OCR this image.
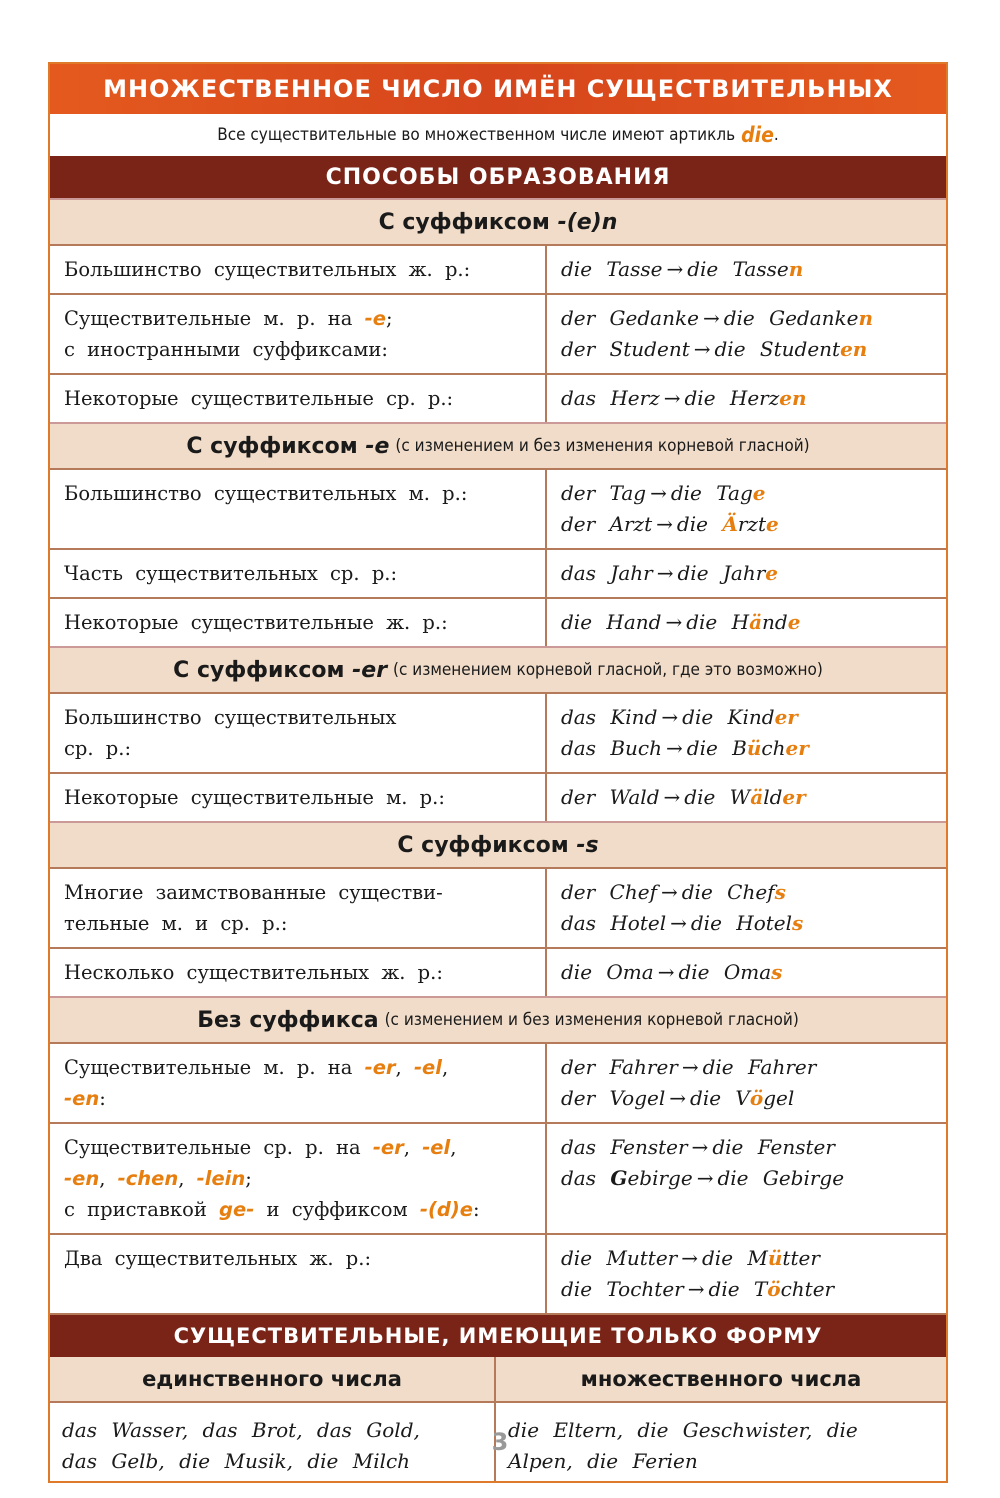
МНОЖЕСТВЕННОЕ ЧИСЛО ИМЁН СУЩЕСТВИТЕЛЬНЫХ
Все существительные во множественном числе имеют артикль die .
СПОСОБЫ ОБРАЗОВАНИЯ
С суффиксом -(e)n
Большинство существительных ж. р.:	die Tasse → die Tassen
Существительные м. р. на -e;
с иностранными суффиксами:
der Gedanke → die Gedanken
der Student → die Studenten
Некоторые существительные ср. р.:	das Herz → die Herzen
С суффиксом -e (с изменением и без изменения корневой гласной)
Большинство существительных м. р.:	der Tag → die Tage
der Arzt → die Ärzte
Часть существительных ср. р.:	das Jahr → die Jahre
Некоторые существительные ж. р.:	die Hand → die Hände
С суффиксом -er (с изменением корневой гласной, где это возможно)
Большинство существительных
ср. р.:
das Kind → die Kinder
das Buch → die Bücher
Некоторые существительные м. р.:	der Wald → die Wälder
С суффиксом -s
Многие заимствованные существи-
тельные м. и ср. р.:
der Chef → die Chefs
das Hotel → die Hotels
Несколько существительных ж. р.:	die Oma → die Omas
Без суффикса (с изменением и без изменения корневой гласной)
Существительные м. р. на -er, -el,
-en:
der Fahrer → die Fahrer
der Vogel → die Vögel
Существительные ср. р. на -er, -el,
-en, -chen, -lein;
с приставкой ge- и суффиксом -(d)e:
das Fenster → die Fenster
das Gebirge → die Gebirge
Два существительных ж. р.:	die Mutter → die Mütter
die Tochter → die Töchter
СУЩЕСТВИТЕЛЬНЫЕ, ИМЕЮЩИЕ ТОЛЬКО ФОРМУ
единственного числа
das Wasser, das Brot, das Gold,
das Gelb, die Musik, die Milch
множественного числа
die Eltern, die Geschwister, die
Alpen, die Ferien
3
